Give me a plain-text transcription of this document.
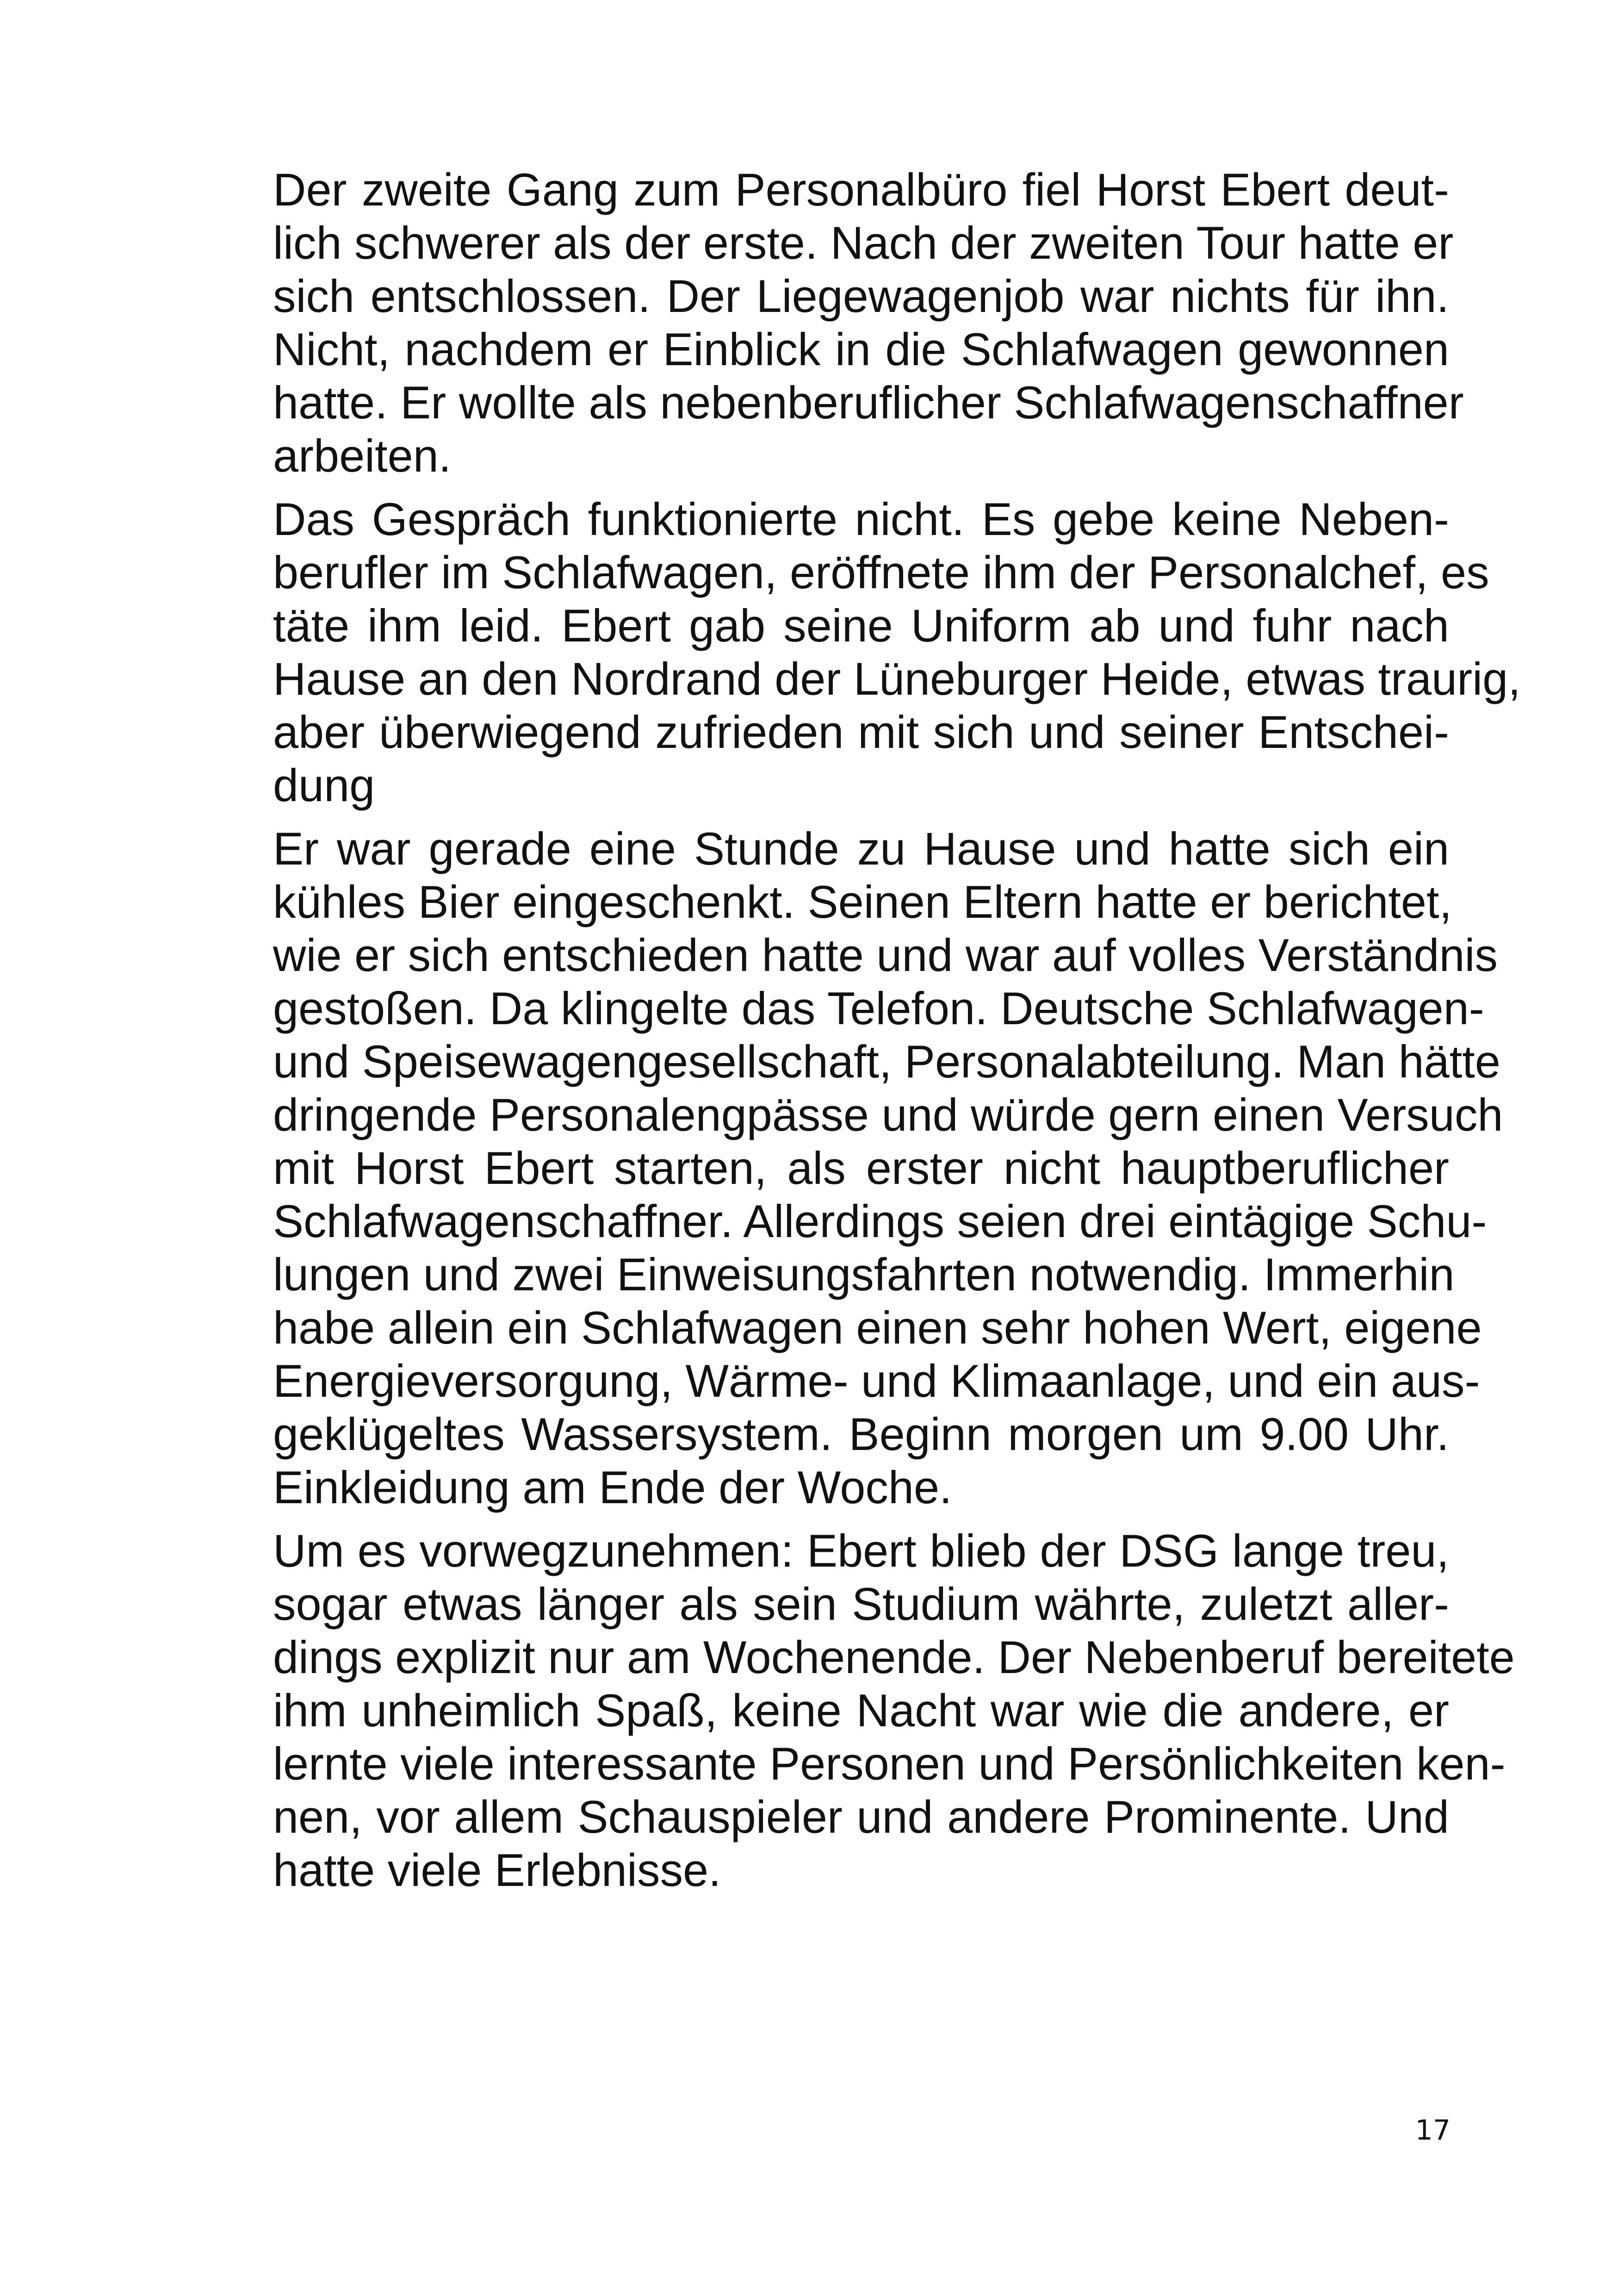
Der zweite Gang zum Personalbüro fiel Horst Ebert deut-
lich schwerer als der erste. Nach der zweiten Tour hatte er
sich entschlossen. Der Liegewagenjob war nichts für ihn.
Nicht, nachdem er Einblick in die Schlafwagen gewonnen
hatte. Er wollte als nebenberuflicher Schlafwagenschaffner
arbeiten.
Das Gespräch funktionierte nicht. Es gebe keine Neben-
berufler im Schlafwagen, eröffnete ihm der Personalchef, es
täte ihm leid. Ebert gab seine Uniform ab und fuhr nach
Hause an den Nordrand der Lüneburger Heide, etwas traurig,
aber überwiegend zufrieden mit sich und seiner Entschei-
dung
Er war gerade eine Stunde zu Hause und hatte sich ein
kühles Bier eingeschenkt. Seinen Eltern hatte er berichtet,
wie er sich entschieden hatte und war auf volles Verständnis
gestoßen. Da klingelte das Telefon. Deutsche Schlafwagen-
und Speisewagengesellschaft, Personalabteilung. Man hätte
dringende Personalengpässe und würde gern einen Versuch
mit Horst Ebert starten, als erster nicht hauptberuflicher
Schlafwagenschaffner. Allerdings seien drei eintägige Schu-
lungen und zwei Einweisungsfahrten notwendig. Immerhin
habe allein ein Schlafwagen einen sehr hohen Wert, eigene
Energieversorgung, Wärme- und Klimaanlage, und ein aus-
geklügeltes Wassersystem. Beginn morgen um 9.00 Uhr.
Einkleidung am Ende der Woche.
Um es vorwegzunehmen: Ebert blieb der DSG lange treu,
sogar etwas länger als sein Studium währte, zuletzt aller-
dings explizit nur am Wochenende. Der Nebenberuf bereitete
ihm unheimlich Spaß, keine Nacht war wie die andere, er
lernte viele interessante Personen und Persönlichkeiten ken-
nen, vor allem Schauspieler und andere Prominente. Und
hatte viele Erlebnisse.
17
